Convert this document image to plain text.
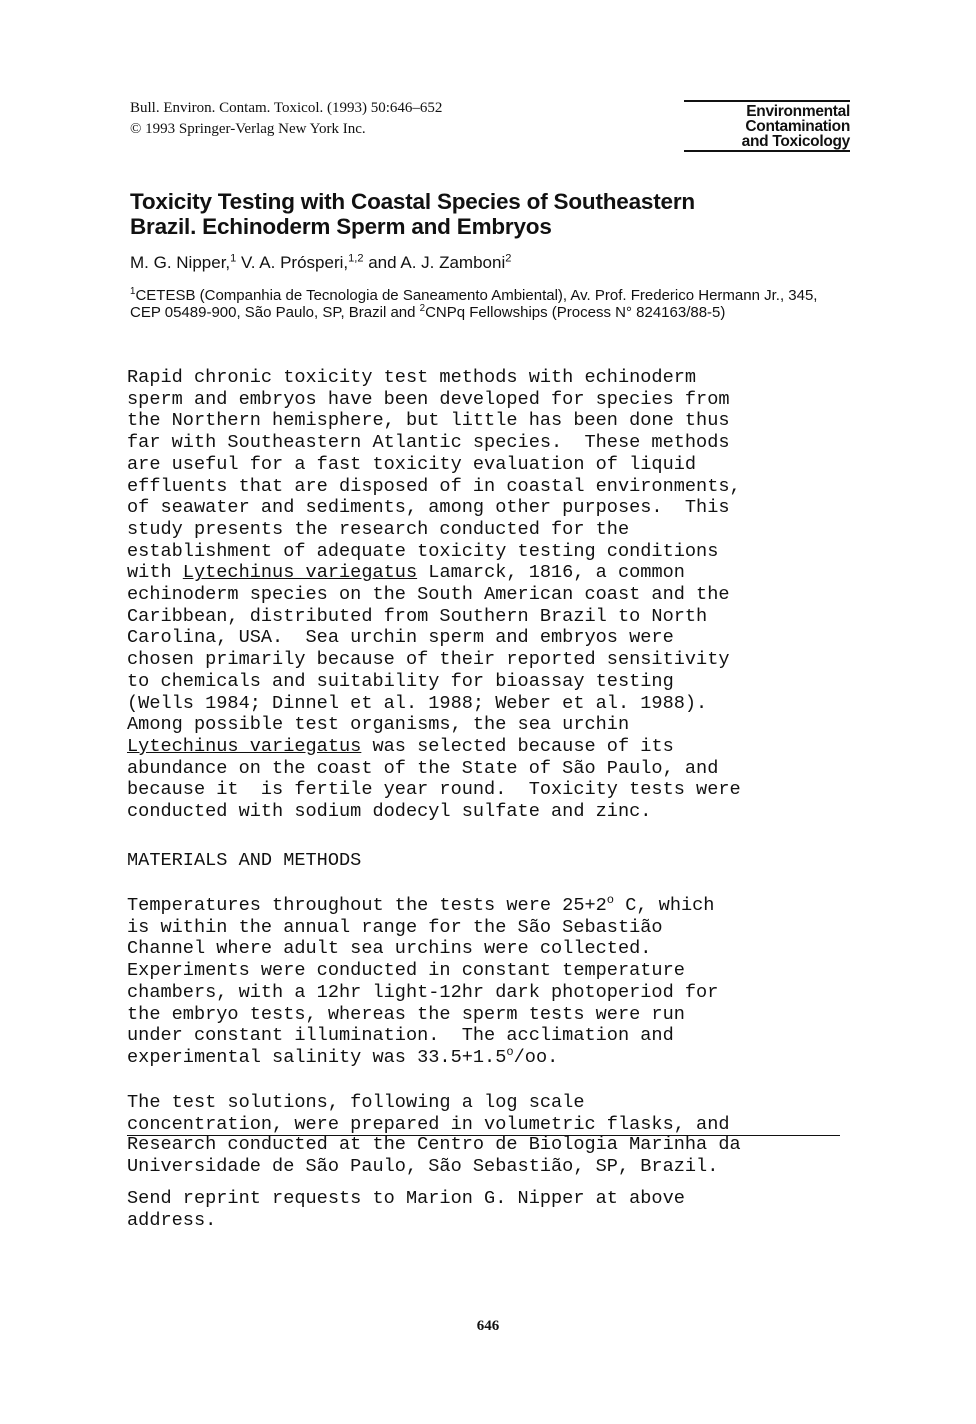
Bull. Environ. Contam. Toxicol. (1993) 50:646–652
© 1993 Springer-Verlag New York Inc.
Environmental
Contamination
and Toxicology
Toxicity Testing with Coastal Species of Southeastern
Brazil. Echinoderm Sperm and Embryos
M. G. Nipper,$^1$ V. A. Prósperi,$^{1,2}$ and A. J. Zamboni$^2$
$^1$CETESB (Companhia de Tecnologia de Saneamento Ambiental), Av. Prof. Frederico Hermann Jr., 345, CEP 05489-900, São Paulo, SP, Brazil and $^2$CNPq Fellowships (Process N° 824163/88-5)
Rapid chronic toxicity test methods with echinoderm
sperm and embryos have been developed for species from
the Northern hemisphere, but little has been done thus
far with Southeastern Atlantic species.  These methods
are useful for a fast toxicity evaluation of liquid
effluents that are disposed of in coastal environments,
of seawater and sediments, among other purposes.  This
study presents the research conducted for the
establishment of adequate toxicity testing conditions
with Lytechinus variegatus Lamarck, 1816, a common
echinoderm species on the South American coast and the
Caribbean, distributed from Southern Brazil to North
Carolina, USA.  Sea urchin sperm and embryos were
chosen primarily because of their reported sensitivity
to chemicals and suitability for bioassay testing
(Wells 1984; Dinnel et al. 1988; Weber et al. 1988).
Among possible test organisms, the sea urchin
Lytechinus variegatus was selected because of its
abundance on the coast of the State of São Paulo, and
because it  is fertile year round.  Toxicity tests were
conducted with sodium dodecyl sulfate and zinc.
MATERIALS AND METHODS
Temperatures throughout the tests were $25+2^o$ C, which
is within the annual range for the São Sebastião
Channel where adult sea urchins were collected.
Experiments were conducted in constant temperature
chambers, with a 12hr light-12hr dark photoperiod for
the embryo tests, whereas the sperm tests were run
under constant illumination.  The acclimation and
experimental salinity was $33.5+1.5^o/oo$.
The test solutions, following a log scale
concentration, were prepared in volumetric flasks, and
Research conducted at the Centro de Biologia Marinha da
Universidade de São Paulo, São Sebastião, SP, Brazil.
Send reprint requests to Marion G. Nipper at above
address.
646
